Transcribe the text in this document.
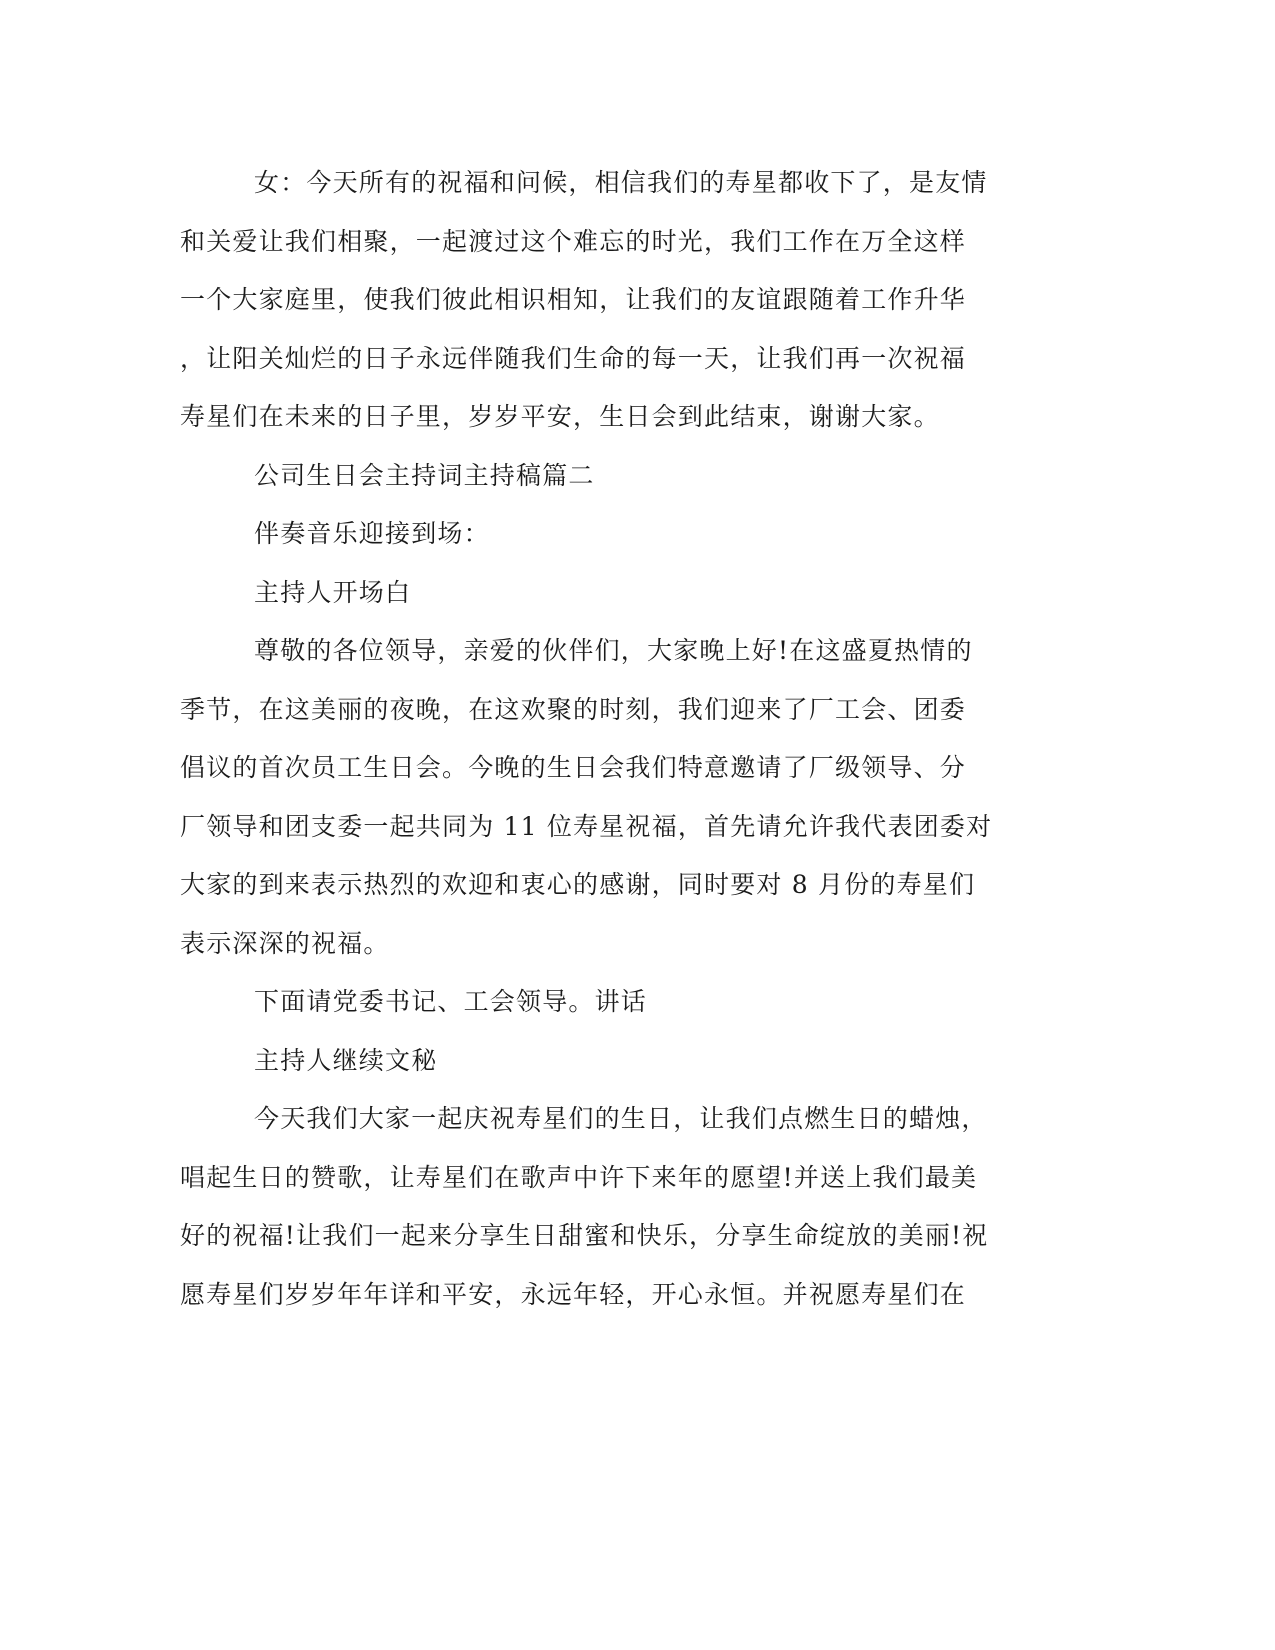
女：今天所有的祝福和问候，相信我们的寿星都收下了，是友情
和关爱让我们相聚，一起渡过这个难忘的时光，我们工作在万全这样
一个大家庭里，使我们彼此相识相知，让我们的友谊跟随着工作升华
，让阳关灿烂的日子永远伴随我们生命的每一天，让我们再一次祝福
寿星们在未来的日子里，岁岁平安，生日会到此结束，谢谢大家。

公司生日会主持词主持稿篇二

伴奏音乐迎接到场：

主持人开场白

尊敬的各位领导，亲爱的伙伴们，大家晚上好!在这盛夏热情的
季节，在这美丽的夜晚，在这欢聚的时刻，我们迎来了厂工会、团委
倡议的首次员工生日会。今晚的生日会我们特意邀请了厂级领导、分
厂领导和团支委一起共同为 11 位寿星祝福，首先请允许我代表团委对
大家的到来表示热烈的欢迎和衷心的感谢，同时要对 8 月份的寿星们
表示深深的祝福。

下面请党委书记、工会领导。讲话

主持人继续文秘

今天我们大家一起庆祝寿星们的生日，让我们点燃生日的蜡烛，
唱起生日的赞歌，让寿星们在歌声中许下来年的愿望!并送上我们最美
好的祝福!让我们一起来分享生日甜蜜和快乐，分享生命绽放的美丽!祝
愿寿星们岁岁年年详和平安，永远年轻，开心永恒。并祝愿寿星们在
